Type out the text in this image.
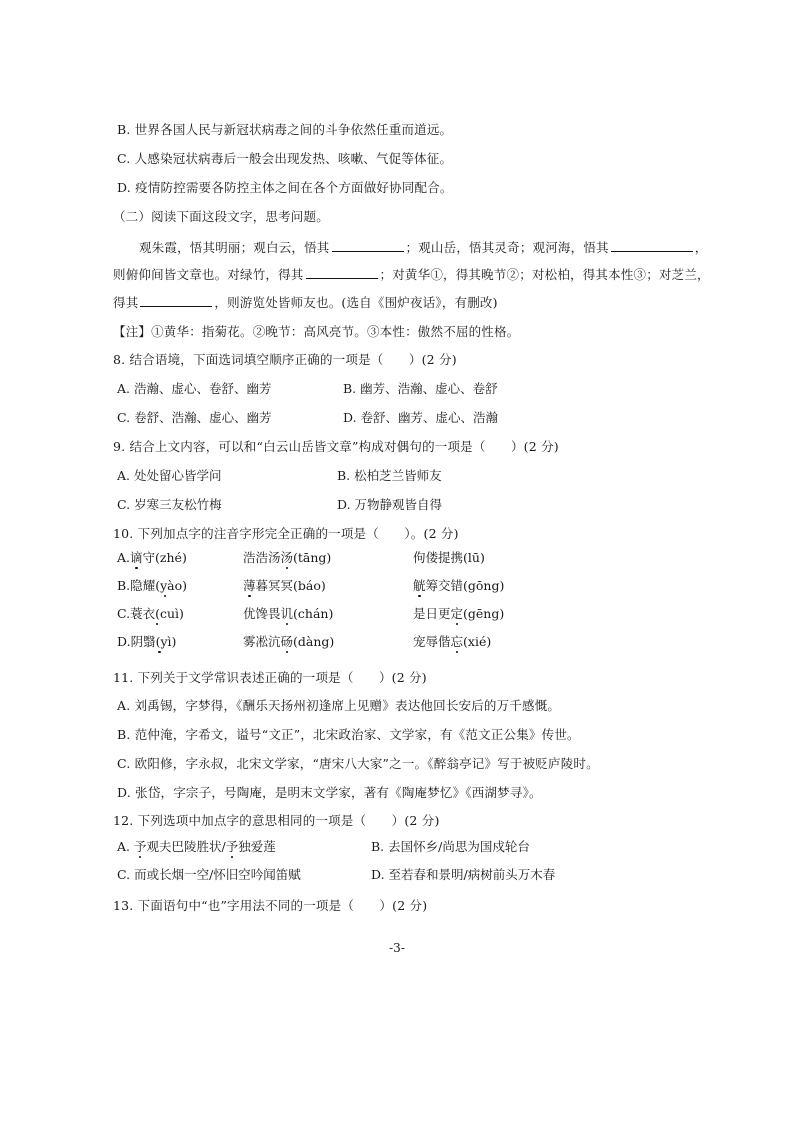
B. 世界各国人民与新冠状病毒之间的斗争依然任重而道远。
C. 人感染冠状病毒后一般会出现发热、咳嗽、气促等体征。
D. 疫情防控需要各防控主体之间在各个方面做好协同配合。
（二）阅读下面这段文字，思考问题。
观朱霞，悟其明丽；观白云，悟其	；观山岳，悟其灵奇；观河海，悟其	，
则俯仰间皆文章也。对绿竹，得其	；对黄华①，得其晚节②；对松柏，得其本性③；对芝兰，
得其	，则游览处皆师友也。(选自《围炉夜话》，有删改)
【注】①黄华：指菊花。②晚节：高风亮节。③本性：傲然不屈的性格。
8. 结合语境，下面选词填空顺序正确的一项是（　　）(2 分)
A. 浩瀚、虚心、卷舒、幽芳	B. 幽芳、浩瀚、虚心、卷舒
C. 卷舒、浩瀚、虚心、幽芳	D. 卷舒、幽芳、虚心、浩瀚
9. 结合上文内容，可以和“白云山岳皆文章”构成对偶句的一项是（　　）(2 分)
A. 处处留心皆学问	B. 松柏芝兰皆师友
C. 岁寒三友松竹梅	D. 万物静观皆自得
10. 下列加点字的注音字形完全正确的一项是（　　）。(2 分)
A.谪守(zhé)	浩浩汤汤(tāng)	佝偻提携(lū)
B.隐耀(yào)	薄暮冥冥(báo)	觥筹交错(gōng)
C.蓑衣(cuì)	优馋畏讥(chán)	是日更定(gēng)
D.阴翳(yì)	雾凇沆砀(dàng)	宠辱偕忘(xié)
11. 下列关于文学常识表述正确的一项是（　　）(2 分)
A. 刘禹锡，字梦得，《酬乐天扬州初逢席上见赠》表达他回长安后的万千感慨。
B. 范仲淹，字希文，谥号“文正”，北宋政治家、文学家，有《范文正公集》传世。
C. 欧阳修，字永叔，北宋文学家，“唐宋八大家”之一。《醉翁亭记》写于被贬庐陵时。
D. 张岱，字宗子，号陶庵，是明末文学家，著有《陶庵梦忆》《西湖梦寻》。
12. 下列选项中加点字的意思相同的一项是（　　）(2 分)
A. 予观夫巴陵胜状/予独爱莲	B. 去国怀乡/尚思为国戍轮台
C. 而或长烟一空/怀旧空吟闻笛赋	D. 至若春和景明/病树前头万木春
13. 下面语句中“也”字用法不同的一项是（　　）(2 分)
-3-
